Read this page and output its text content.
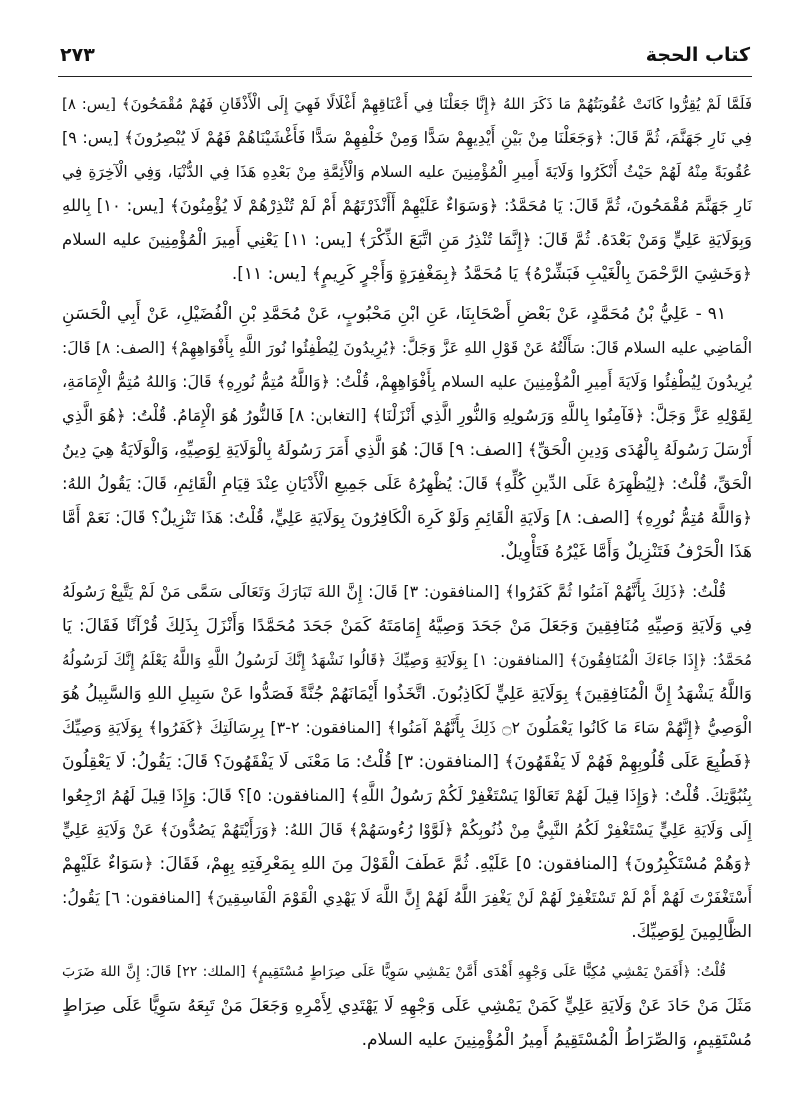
٢٧٣	كتاب الحجة
فَلَمَّا لَمْ يُقِرُّوا كَانَتْ عُقُوبَتُهُمْ مَا ذَكَرَ اللهُ ﴿إِنَّا جَعَلْنَا فِي أَعْنَاقِهِمْ أَغْلَالًا فَهِيَ إِلَى الْأَذْقَانِ فَهُمْ مُقْمَحُونَ﴾ [يس: ٨]
فِي نَارِ جَهَنَّمَ، ثُمَّ قَالَ: ﴿وَجَعَلْنَا مِنْ بَيْنِ أَيْدِيهِمْ سَدًّا وَمِنْ خَلْفِهِمْ سَدًّا فَأَغْشَيْنَاهُمْ فَهُمْ لَا يُبْصِرُونَ﴾ [يس: ٩]
عُقُوبَةً مِنْهُ لَهُمْ حَيْثُ أَنْكَرُوا وَلَايَةَ أَمِيرِ الْمُؤْمِنِينَ عليه السلام وَالْأَئِمَّةِ مِنْ بَعْدِهِ هَذَا فِي الدُّنْيَا، وَفِي الْآخِرَةِ فِي
نَارِ جَهَنَّمَ مُقْمَحُونَ، ثُمَّ قَالَ: يَا مُحَمَّدُ: ﴿وَسَوَاءٌ عَلَيْهِمْ أَأَنْذَرْتَهُمْ أَمْ لَمْ تُنْذِرْهُمْ لَا يُؤْمِنُونَ﴾ [يس: ١٠] بِاللهِ
وَبِوَلَايَةِ عَلِيٍّ وَمَنْ بَعْدَهُ. ثُمَّ قَالَ: ﴿إِنَّمَا تُنْذِرُ مَنِ اتَّبَعَ الذِّكْرَ﴾ [يس: ١١] يَعْنِي أَمِيرَ الْمُؤْمِنِينَ عليه السلام
﴿وَخَشِيَ الرَّحْمَنَ بِالْغَيْبِ فَبَشِّرْهُ﴾ يَا مُحَمَّدُ ﴿بِمَغْفِرَةٍ وَأَجْرٍ كَرِيمٍ﴾ [يس: ١١].
٩١ - عَلِيُّ بْنُ مُحَمَّدٍ، عَنْ بَعْضِ أَصْحَابِنَا، عَنِ ابْنِ مَحْبُوبٍ، عَنْ مُحَمَّدِ بْنِ الْفُضَيْلِ، عَنْ أَبِي الْحَسَنِ
الْمَاضِي عليه السلام قَالَ: سَأَلْتُهُ عَنْ قَوْلِ اللهِ عَزَّ وَجَلَّ: ﴿يُرِيدُونَ لِيُطْفِئُوا نُورَ اللَّهِ بِأَفْوَاهِهِمْ﴾ [الصف: ٨] قَالَ:
يُرِيدُونَ لِيُطْفِئُوا وَلَايَةَ أَمِيرِ الْمُؤْمِنِينَ عليه السلام بِأَفْوَاهِهِمْ، قُلْتُ: ﴿وَاللَّهُ مُتِمُّ نُورِهِ﴾ قَالَ: وَاللهُ مُتِمُّ الْإِمَامَةِ،
لِقَوْلِهِ عَزَّ وَجَلَّ: ﴿فَآمِنُوا بِاللَّهِ وَرَسُولِهِ وَالنُّورِ الَّذِي أَنْزَلْنَا﴾ [التغابن: ٨] فَالنُّورُ هُوَ الْإِمَامُ. قُلْتُ: ﴿هُوَ الَّذِي
أَرْسَلَ رَسُولَهُ بِالْهُدَى وَدِينِ الْحَقِّ﴾ [الصف: ٩] قَالَ: هُوَ الَّذِي أَمَرَ رَسُولَهُ بِالْوَلَايَةِ لِوَصِيِّهِ، وَالْوَلَايَةُ هِيَ دِينُ
الْحَقِّ، قُلْتُ: ﴿لِيُظْهِرَهُ عَلَى الدِّينِ كُلِّهِ﴾ قَالَ: يُظْهِرُهُ عَلَى جَمِيعِ الْأَدْيَانِ عِنْدَ قِيَامِ الْقَائِمِ، قَالَ: يَقُولُ اللهُ:
﴿وَاللَّهُ مُتِمُّ نُورِهِ﴾ [الصف: ٨] وَلَايَةِ الْقَائِمِ وَلَوْ كَرِهَ الْكَافِرُونَ بِوَلَايَةِ عَلِيٍّ، قُلْتُ: هَذَا تَنْزِيلٌ؟ قَالَ: نَعَمْ أَمَّا
هَذَا الْحَرْفُ فَتَنْزِيلٌ وَأَمَّا غَيْرُهُ فَتَأْوِيلٌ.
قُلْتُ: ﴿ذَلِكَ بِأَنَّهُمْ آمَنُوا ثُمَّ كَفَرُوا﴾ [المنافقون: ٣] قَالَ: إِنَّ اللهَ تَبَارَكَ وَتَعَالَى سَمَّى مَنْ لَمْ يَتَّبِعْ رَسُولَهُ
فِي وَلَايَةِ وَصِيِّهِ مُنَافِقِينَ وَجَعَلَ مَنْ جَحَدَ وَصِيَّهُ إِمَامَتَهُ كَمَنْ جَحَدَ مُحَمَّدًا وَأَنْزَلَ بِذَلِكَ قُرْآنًا فَقَالَ: يَا
مُحَمَّدُ: ﴿إِذَا جَاءَكَ الْمُنَافِقُونَ﴾ [المنافقون: ١] بِوَلَايَةِ وَصِيِّكَ ﴿قَالُوا نَشْهَدُ إِنَّكَ لَرَسُولُ اللَّهِ وَاللَّهُ يَعْلَمُ إِنَّكَ لَرَسُولُهُ
وَاللَّهُ يَشْهَدُ إِنَّ الْمُنَافِقِينَ﴾ بِوَلَايَةِ عَلِيٍّ لَكَاذِبُونَ. اتَّخَذُوا أَيْمَانَهُمْ جُنَّةً فَصَدُّوا عَنْ سَبِيلِ اللهِ وَالسَّبِيلُ هُوَ
الْوَصِيُّ ﴿إِنَّهُمْ سَاءَ مَا كَانُوا يَعْمَلُونَ ۝٢ ذَلِكَ بِأَنَّهُمْ آمَنُوا﴾ [المنافقون: ٢-٣] بِرِسَالَتِكَ ﴿كَفَرُوا﴾ بِوَلَايَةِ وَصِيِّكَ
﴿فَطُبِعَ عَلَى قُلُوبِهِمْ فَهُمْ لَا يَفْقَهُونَ﴾ [المنافقون: ٣] قُلْتُ: مَا مَعْنَى لَا يَفْقَهُونَ؟ قَالَ: يَقُولُ: لَا يَعْقِلُونَ
بِنُبُوَّتِكَ. قُلْتُ: ﴿وَإِذَا قِيلَ لَهُمْ تَعَالَوْا يَسْتَغْفِرْ لَكُمْ رَسُولُ اللَّهِ﴾ [المنافقون: ٥]؟ قَالَ: وَإِذَا قِيلَ لَهُمُ ارْجِعُوا
إِلَى وَلَايَةِ عَلِيٍّ يَسْتَغْفِرْ لَكُمُ النَّبِيُّ مِنْ ذُنُوبِكُمْ ﴿لَوَّوْا رُءُوسَهُمْ﴾ قَالَ اللهُ: ﴿وَرَأَيْتَهُمْ يَصُدُّونَ﴾ عَنْ وَلَايَةِ عَلِيٍّ
﴿وَهُمْ مُسْتَكْبِرُونَ﴾ [المنافقون: ٥] عَلَيْهِ. ثُمَّ عَطَفَ الْقَوْلَ مِنَ اللهِ بِمَعْرِفَتِهِ بِهِمْ، فَقَالَ: ﴿سَوَاءٌ عَلَيْهِمْ
أَسْتَغْفَرْتَ لَهُمْ أَمْ لَمْ تَسْتَغْفِرْ لَهُمْ لَنْ يَغْفِرَ اللَّهُ لَهُمْ إِنَّ اللَّهَ لَا يَهْدِي الْقَوْمَ الْفَاسِقِينَ﴾ [المنافقون: ٦] يَقُولُ:
الظَّالِمِينَ لِوَصِيِّكَ.
قُلْتُ: ﴿أَفَمَنْ يَمْشِي مُكِبًّا عَلَى وَجْهِهِ أَهْدَى أَمَّنْ يَمْشِي سَوِيًّا عَلَى صِرَاطٍ مُسْتَقِيمٍ﴾ [الملك: ٢٢] قَالَ: إِنَّ اللهَ ضَرَبَ
مَثَلَ مَنْ حَادَ عَنْ وَلَايَةِ عَلِيٍّ كَمَنْ يَمْشِي عَلَى وَجْهِهِ لَا يَهْتَدِي لِأَمْرِهِ وَجَعَلَ مَنْ تَبِعَهُ سَوِيًّا عَلَى صِرَاطٍ
مُسْتَقِيمٍ، وَالصِّرَاطُ الْمُسْتَقِيمُ أَمِيرُ الْمُؤْمِنِينَ عليه السلام.
